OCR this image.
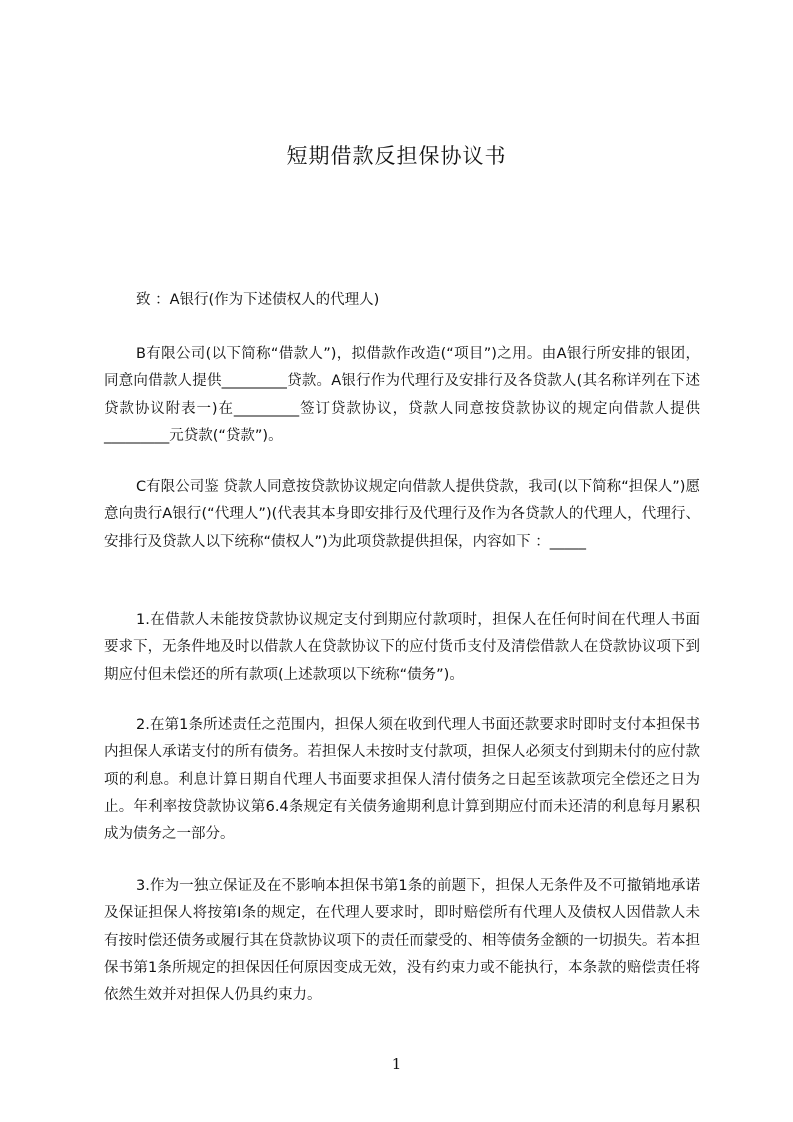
短期借款反担保协议书
致 ：A银行(作为下述债权人的代理人)

B有限公司(以下简称“借款人”)，拟借款作改造(“项目”)之用。由A银行所安排的银团，同意向借款人提供_________贷款。A银行作为代理行及安排行及各贷款人(其名称详列在下述贷款协议附表一)在_________签订贷款协议，贷款人同意按贷款协议的规定向借款人提供_________元贷款(“贷款”)。

C有限公司鉴 贷款人同意按贷款协议规定向借款人提供贷款，我司(以下简称“担保人”)愿意向贵行A银行(“代理人”)(代表其本身即安排行及代理行及作为各贷款人的代理人，代理行、安排行及贷款人以下统称“债权人”)为此项贷款提供担保，内容如下 ：_____

1.在借款人未能按贷款协议规定支付到期应付款项时，担保人在任何时间在代理人书面要求下，无条件地及时以借款人在贷款协议下的应付货币支付及清偿借款人在贷款协议项下到期应付但未偿还的所有款项(上述款项以下统称“债务”)。

2.在第1条所述责任之范围内，担保人须在收到代理人书面还款要求时即时支付本担保书内担保人承诺支付的所有债务。若担保人未按时支付款项，担保人必须支付到期未付的应付款项的利息。利息计算日期自代理人书面要求担保人清付债务之日起至该款项完全偿还之日为止。年利率按贷款协议第6.4条规定有关债务逾期利息计算到期应付而未还清的利息每月累积成为债务之一部分。

3.作为一独立保证及在不影响本担保书第1条的前题下，担保人无条件及不可撤销地承诺及保证担保人将按第I条的规定，在代理人要求时，即时赔偿所有代理人及债权人因借款人未有按时偿还债务或履行其在贷款协议项下的责任而蒙受的、相等债务金额的一切损失。若本担保书第1条所规定的担保因任何原因变成无效，没有约束力或不能执行，本条款的赔偿责任将依然生效并对担保人仍具约束力。

1
